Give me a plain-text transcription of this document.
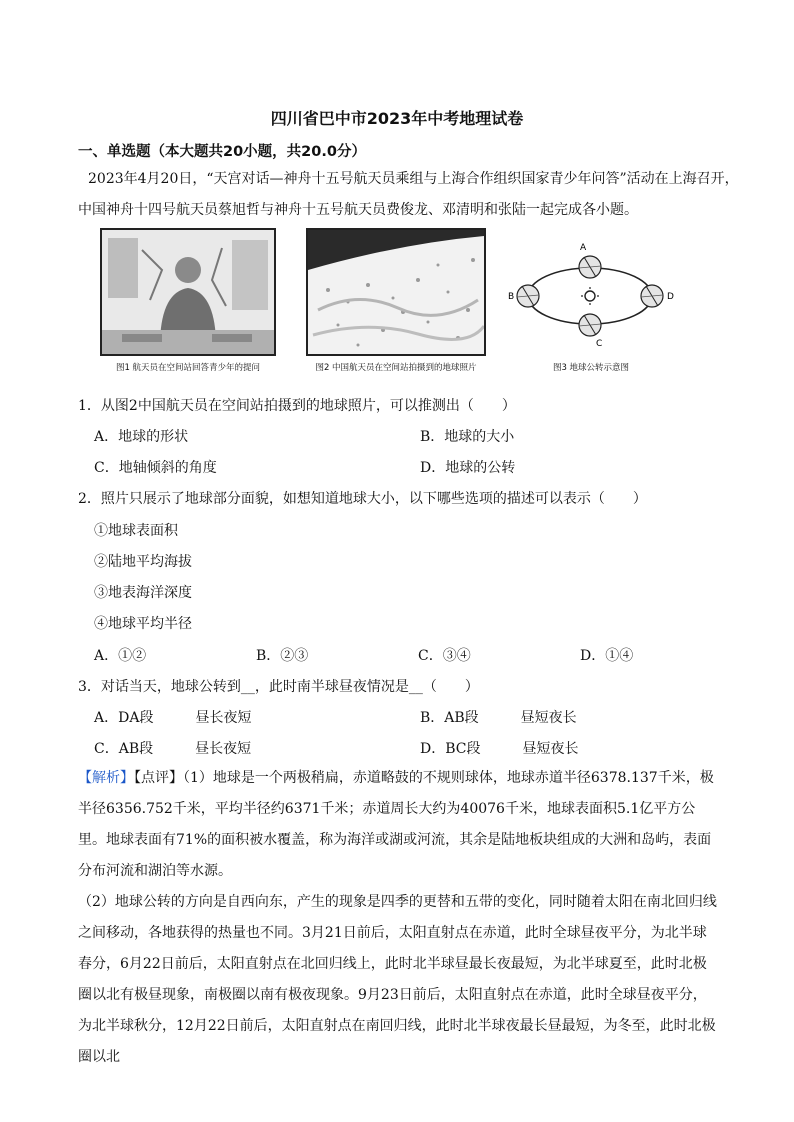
四川省巴中市2023年中考地理试卷
一、单选题（本大题共20小题，共20.0分）
2023年4月20日，“天宫对话—神舟十五号航天员乘组与上海合作组织国家青少年问答”活动在上海召开，
中国神舟十四号航天员蔡旭哲与神舟十五号航天员费俊龙、邓清明和张陆一起完成各小题。
图1 航天员在空间站回答青少年的提问	图2 中国航天员在空间站拍摄到的地球照片
A
B
C
D
图3 地球公转示意图
1．从图2中国航天员在空间站拍摄到的地球照片，可以推测出（　　）
A．地球的形状	B．地球的大小
C．地轴倾斜的角度	D．地球的公转
2．照片只展示了地球部分面貌，如想知道地球大小，以下哪些选项的描述可以表示（　　）
①地球表面积
②陆地平均海拔
③地表海洋深度
④地球平均半径
A．①②	B．②③	C．③④	D．①④
3．对话当天，地球公转到__，此时南半球昼夜情况是__（　　）
A．DA段　　　昼长夜短	B．AB段　　　昼短夜长
C．AB段　　　昼长夜短	D．BC段　　　昼短夜长
【解析】【点评】（1）地球是一个两极稍扁，赤道略鼓的不规则球体，地球赤道半径6378.137千米，极半径6356.752千米，平均半径约6371千米；赤道周长大约为40076千米，地球表面积5.1亿平方公里。地球表面有71%的面积被水覆盖，称为海洋或湖或河流，其余是陆地板块组成的大洲和岛屿，表面分布河流和湖泊等水源。
（2）地球公转的方向是自西向东，产生的现象是四季的更替和五带的变化，同时随着太阳在南北回归线之间移动，各地获得的热量也不同。3月21日前后，太阳直射点在赤道，此时全球昼夜平分，为北半球春分，6月22日前后，太阳直射点在北回归线上，此时北半球昼最长夜最短，为北半球夏至，此时北极圈以北有极昼现象，南极圈以南有极夜现象。9月23日前后，太阳直射点在赤道，此时全球昼夜平分，为北半球秋分，12月22日前后，太阳直射点在南回归线，此时北半球夜最长昼最短，为冬至，此时北极圈以北
